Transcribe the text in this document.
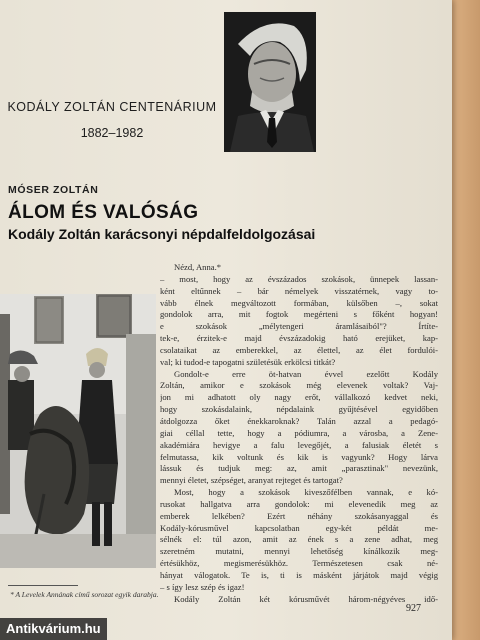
KODÁLY ZOLTÁN CENTENÁRIUM
1882–1982
MÓSER ZOLTÁN
ÁLOM ÉS VALÓSÁG
Kodály Zoltán karácsonyi népdalfeldolgozásai
Nézd, Anna.*
– most, hogy az évszázados szokások, ünnepek lassan-
ként eltűnnek – bár némelyek visszatérnek, vagy to-
vább élnek megváltozott formában, külsőben –, sokat
gondolok arra, mit fogtok megérteni s főként hogyan!
e szokások „mélytengeri áramlásaiból"? Írtíte-
tek-e, érzitek-e majd évszázadokig ható erejüket, kap-
csolataikat az emberekkel, az élettel, az élet fordulói-
val; ki tudod-e tapogatni születésük erkölcsi titkát?
Gondolt-e erre öt-hatvan évvel ezelőtt Kodály
Zoltán, amikor e szokások még elevenek voltak? Vaj-
jon mi adhatott oly nagy erőt, vállalkozó kedvet neki,
hogy szokásdalaink, népdalaink gyűjtésével egyidőben
átdolgozza őket énekkaroknak? Talán azzal a pedagó-
giai céllal tette, hogy a pódiumra, a városba, a Zene-
akadémiára hevigye a falu levegőjét, a falusiak életét s
felmutassa, kik voltunk és kik is vagyunk? Hogy lárva
lássuk és tudjuk meg: az, amit „parasztinak" nevezünk,
mennyi életet, szépséget, aranyat rejteget és tartogat?
Most, hogy a szokások kiveszőfélben vannak, e kó-
rusokat hallgatva arra gondolok: mi elevenedik meg az
emberek lelkében? Ezért néhány szokásanyaggal és
Kodály-kórusművel kapcsolatban egy-két példát me-
sélnék el: túl azon, amit az ének s a zene adhat, meg
szeretném mutatni, mennyi lehetőség kínálkozik meg-
értésükhöz, megismerésükhöz. Természetesen csak né-
hányat válogatok. Te is, ti is másként járjátok majd végig
– s így lesz szép és igaz!
Kodály Zoltán két kórusművét három-négyéves idő-
* A Levelek Annának című sorozat egyik darabja.
927
Antikvárium.hu
